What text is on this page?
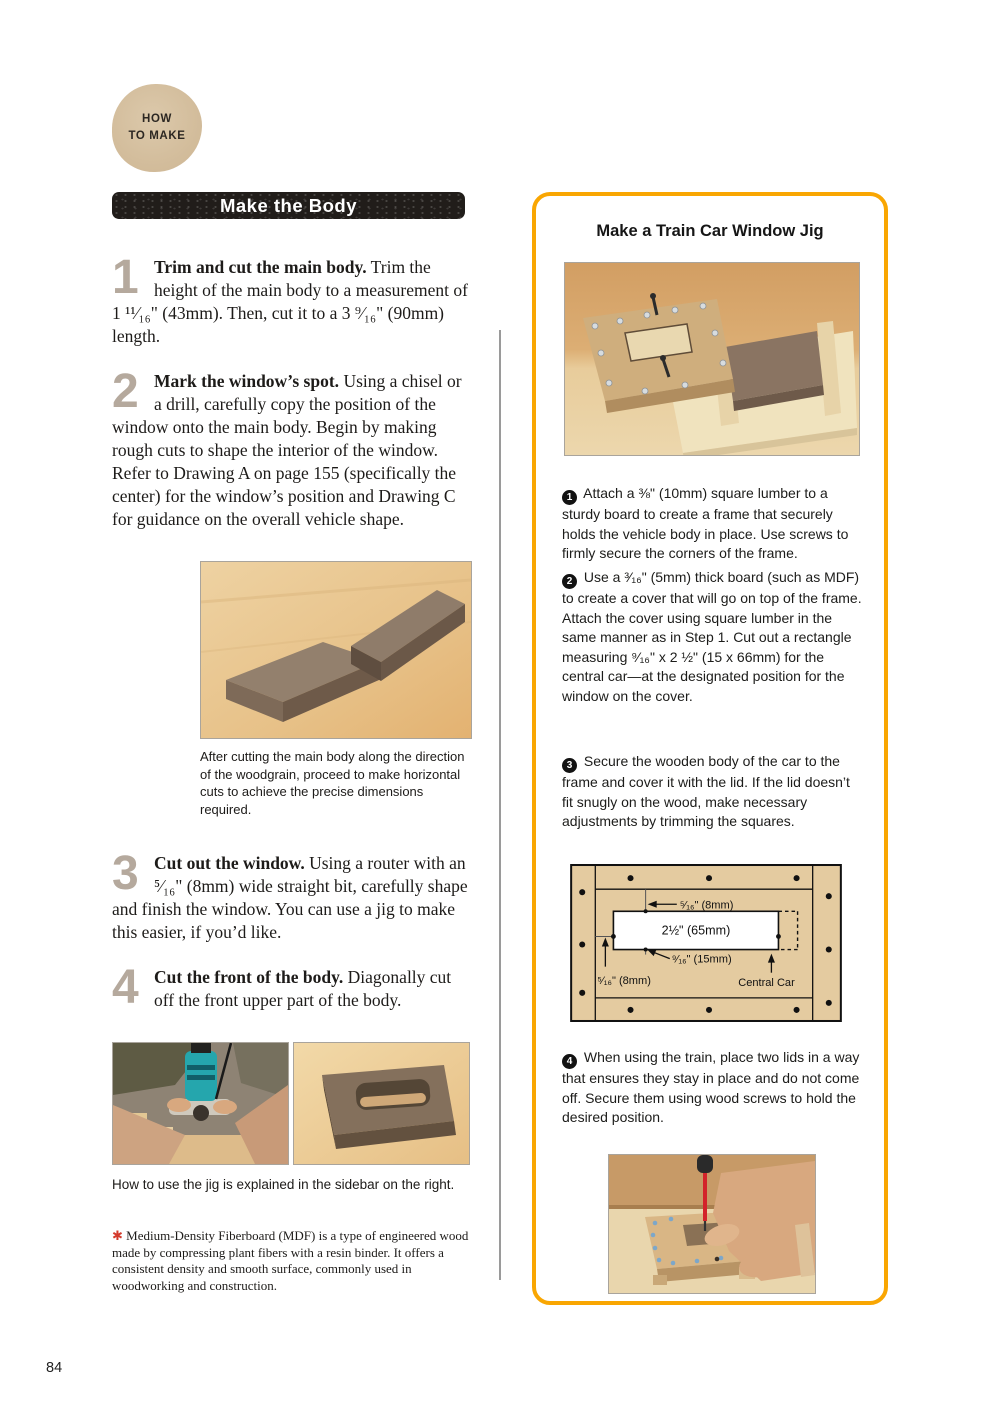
HOW
TO MAKE
Make the Body
1 Trim and cut the main body. Trim the height of the main body to a measurement of 1 ¹¹⁄₁₆" (43mm). Then, cut it to a 3 ⁹⁄₁₆" (90mm) length.
2 Mark the window’s spot. Using a chisel or a drill, carefully copy the position of the window onto the main body. Begin by making rough cuts to shape the interior of the window. Refer to Drawing A on page 155 (specifically the center) for the window’s position and Drawing C for guidance on the overall vehicle shape.
After cutting the main body along the direction of the woodgrain, proceed to make horizontal cuts to achieve the precise dimensions required.
3 Cut out the window. Using a router with an ⁵⁄₁₆" (8mm) wide straight bit, carefully shape and finish the window. You can use a jig to make this easier, if you’d like.
4 Cut the front of the body. Diagonally cut off the front upper part of the body.
How to use the jig is explained in the sidebar on the right.
✱ Medium-Density Fiberboard (MDF) is a type of engineered wood made by compressing plant fibers with a resin binder. It offers a consistent density and smooth surface, commonly used in woodworking and construction.
84
Make a Train Car Window Jig
1 Attach a ⅜" (10mm) square lumber to a sturdy board to create a frame that securely holds the vehicle body in place. Use screws to firmly secure the corners of the frame.
2 Use a ³⁄₁₆" (5mm) thick board (such as MDF) to create a cover that will go on top of the frame. Attach the cover using square lumber in the same manner as in Step 1. Cut out a rectangle measuring ⁹⁄₁₆" x 2 ½" (15 x 66mm) for the central car—at the designated position for the window on the cover.
3 Secure the wooden body of the car to the frame and cover it with the lid. If the lid doesn’t fit snugly on the wood, make necessary adjustments by trimming the squares.
⁵⁄₁₆" (8mm)
2½" (65mm)
⁹⁄₁₆" (15mm)
⁵⁄₁₆" (8mm)	Central Car
4 When using the train, place two lids in a way that ensures they stay in place and do not come off. Secure them using wood screws to hold the desired position.
